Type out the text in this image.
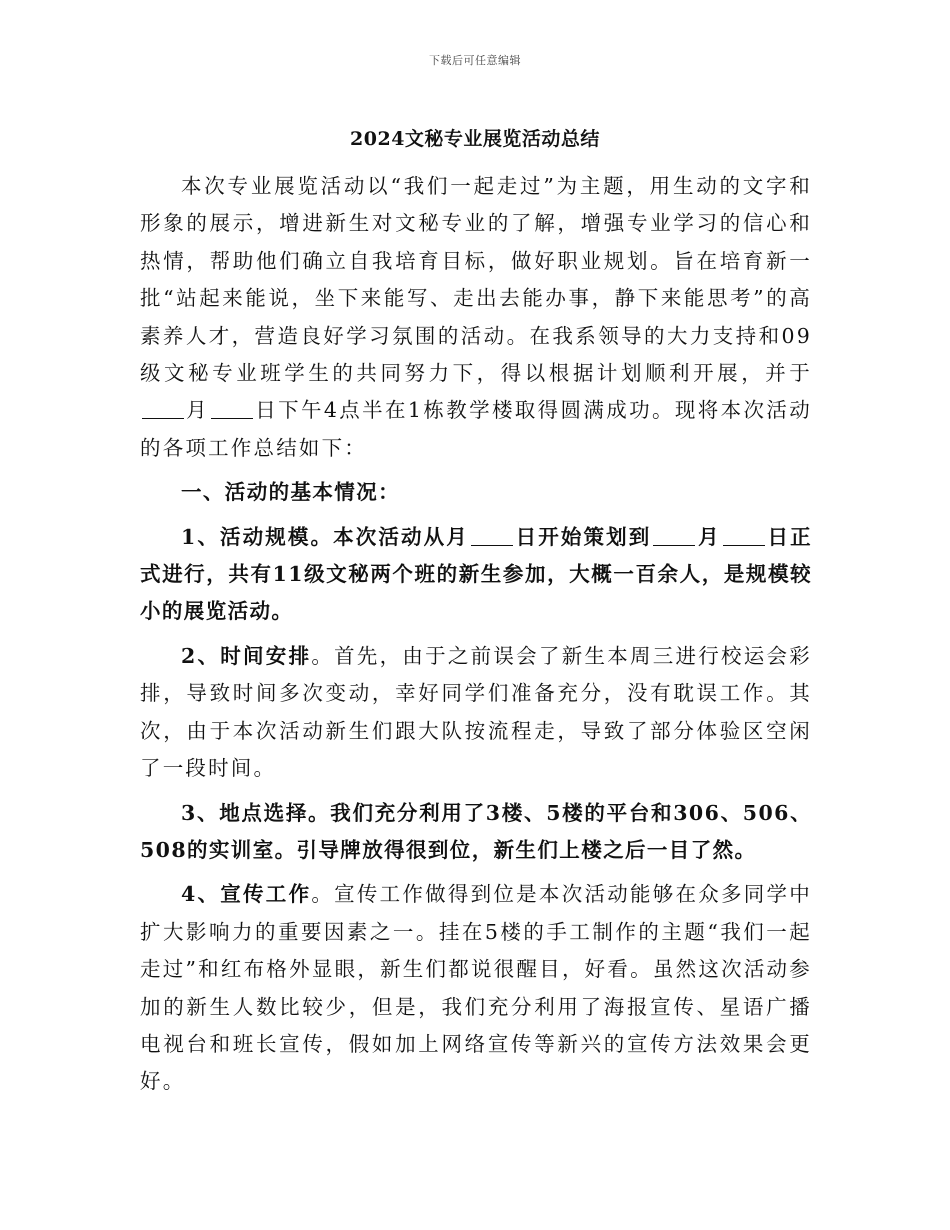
下载后可任意编辑
2024文秘专业展览活动总结

本次专业展览活动以“我们一起走过”为主题，用生动的文字和形象的展示，增进新生对文秘专业的了解，增强专业学习的信心和热情，帮助他们确立自我培育目标，做好职业规划。旨在培育新一批“站起来能说，坐下来能写、走出去能办事，静下来能思考”的高素养人才，营造良好学习氛围的活动。在我系领导的大力支持和09级文秘专业班学生的共同努力下，得以根据计划顺利开展，并于月 日下午4点半在1栋教学楼取得圆满成功。现将本次活动的各项工作总结如下：

一、活动的基本情况：

1、活动规模。本次活动从月 日开始策划到 月 日正式进行，共有11级文秘两个班的新生参加，大概一百余人，是规模较小的展览活动。

2、时间安排。首先，由于之前误会了新生本周三进行校运会彩排，导致时间多次变动，幸好同学们准备充分，没有耽误工作。其次，由于本次活动新生们跟大队按流程走，导致了部分体验区空闲了一段时间。

3、地点选择。我们充分利用了3楼、5楼的平台和306、506、508的实训室。引导牌放得很到位，新生们上楼之后一目了然。

4、宣传工作。宣传工作做得到位是本次活动能够在众多同学中扩大影响力的重要因素之一。挂在5楼的手工制作的主题“我们一起走过”和红布格外显眼，新生们都说很醒目，好看。虽然这次活动参加的新生人数比较少，但是，我们充分利用了海报宣传、星语广播电视台和班长宣传，假如加上网络宣传等新兴的宣传方法效果会更好。
